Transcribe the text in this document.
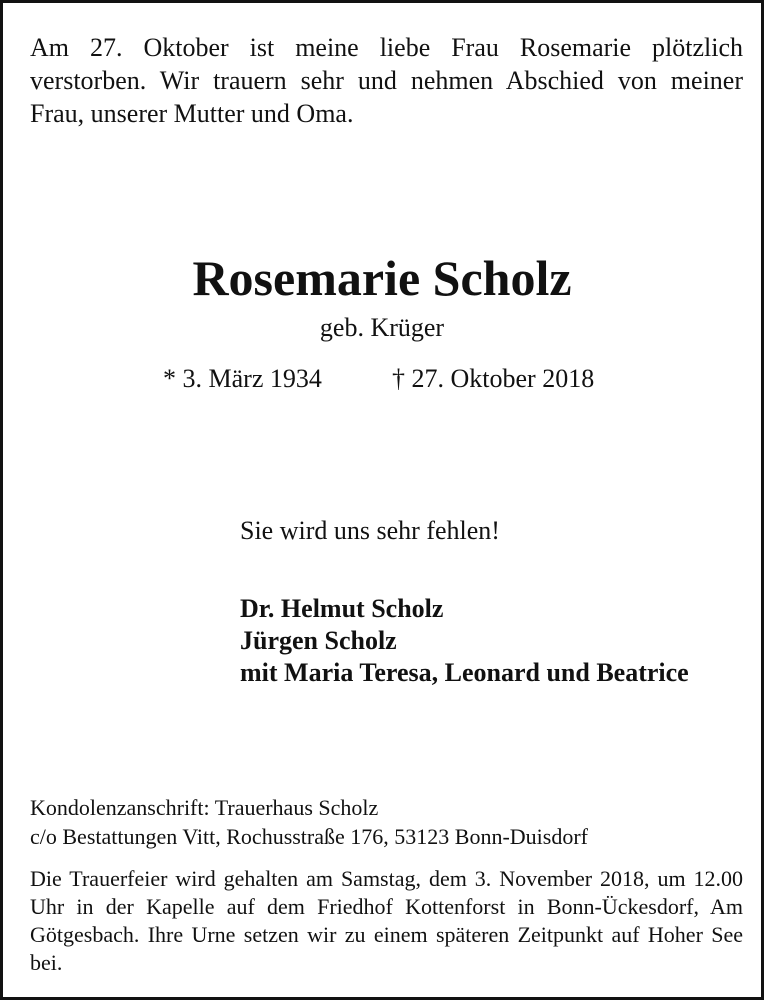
Am 27. Oktober ist meine liebe Frau Rosemarie plötzlich verstorben. Wir trauern sehr und nehmen Abschied von meiner Frau, unserer Mutter und Oma.

Rosemarie Scholz
geb. Krüger
* 3. März 1934	† 27. Oktober 2018
Sie wird uns sehr fehlen!
Dr. Helmut Scholz
Jürgen Scholz
mit Maria Teresa, Leonard und Beatrice
Kondolenzanschrift: Trauerhaus Scholz
c/o Bestattungen Vitt, Rochusstraße 176, 53123 Bonn-Duisdorf

Die Trauerfeier wird gehalten am Samstag, dem 3. November 2018, um 12.00 Uhr in der Kapelle auf dem Friedhof Kottenforst in Bonn-Ückesdorf, Am Götgesbach. Ihre Urne setzen wir zu einem späteren Zeitpunkt auf Hoher See bei.
